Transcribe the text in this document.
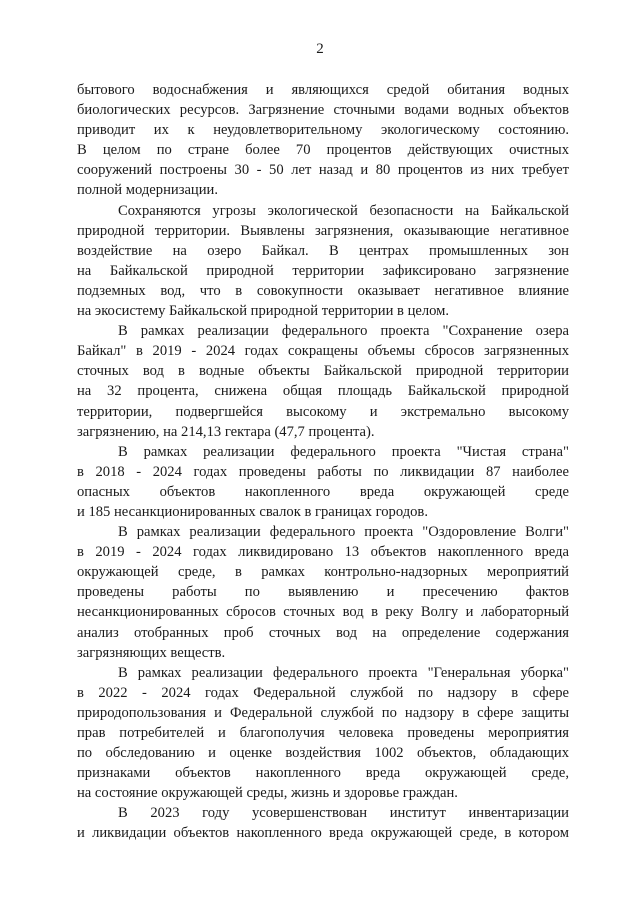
2
бытового водоснабжения и являющихся средой обитания водных
биологических ресурсов. Загрязнение сточными водами водных объектов
приводит их к неудовлетворительному экологическому состоянию.
В целом по стране более 70 процентов действующих очистных
сооружений построены 30 - 50 лет назад и 80 процентов из них требует
полной модернизации.
Сохраняются угрозы экологической безопасности на Байкальской
природной территории. Выявлены загрязнения, оказывающие негативное
воздействие на озеро Байкал. В центрах промышленных зон
на Байкальской природной территории зафиксировано загрязнение
подземных вод, что в совокупности оказывает негативное влияние
на экосистему Байкальской природной территории в целом.
В рамках реализации федерального проекта "Сохранение озера
Байкал" в 2019 - 2024 годах сокращены объемы сбросов загрязненных
сточных вод в водные объекты Байкальской природной территории
на 32 процента, снижена общая площадь Байкальской природной
территории, подвергшейся высокому и экстремально высокому
загрязнению, на 214,13 гектара (47,7 процента).
В рамках реализации федерального проекта "Чистая страна"
в 2018 - 2024 годах проведены работы по ликвидации 87 наиболее
опасных объектов накопленного вреда окружающей среде
и 185 несанкционированных свалок в границах городов.
В рамках реализации федерального проекта "Оздоровление Волги"
в 2019 - 2024 годах ликвидировано 13 объектов накопленного вреда
окружающей среде, в рамках контрольно-надзорных мероприятий
проведены работы по выявлению и пресечению фактов
несанкционированных сбросов сточных вод в реку Волгу и лабораторный
анализ отобранных проб сточных вод на определение содержания
загрязняющих веществ.
В рамках реализации федерального проекта "Генеральная уборка"
в 2022 - 2024 годах Федеральной службой по надзору в сфере
природопользования и Федеральной службой по надзору в сфере защиты
прав потребителей и благополучия человека проведены мероприятия
по обследованию и оценке воздействия 1002 объектов, обладающих
признаками объектов накопленного вреда окружающей среде,
на состояние окружающей среды, жизнь и здоровье граждан.
В 2023 году усовершенствован институт инвентаризации
и ликвидации объектов накопленного вреда окружающей среде, в котором
